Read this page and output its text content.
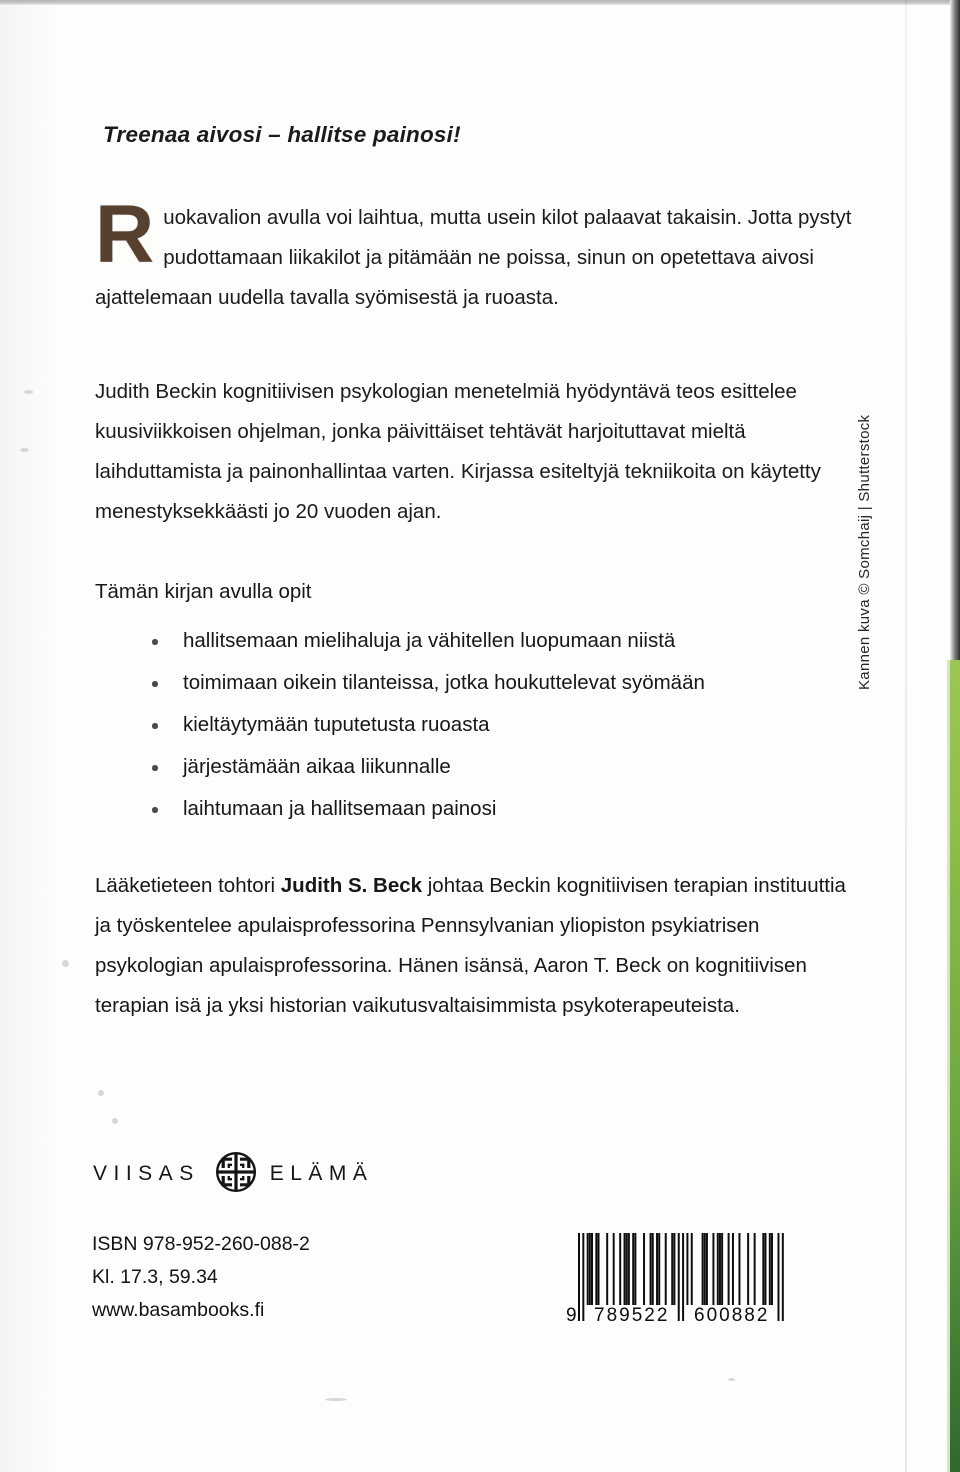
Treenaa aivosi – hallitse painosi!
R uokavalion avulla voi laihtua, mutta usein kilot palaavat takaisin. Jotta pystyt pudottamaan liikakilot ja pitämään ne poissa, sinun on opetettava aivosi ajattelemaan uudella tavalla syömisestä ja ruoasta.

Judith Beckin kognitiivisen psykologian menetelmiä hyödyntävä teos esittelee kuusiviikkoisen ohjelman, jonka päivittäiset tehtävät harjoituttavat mieltä laihduttamista ja painonhallintaa varten. Kirjassa esiteltyjä tekniikoita on käytetty menestyksekkäästi jo 20 vuoden ajan.

Tämän kirjan avulla opit
hallitsemaan mielihaluja ja vähitellen luopumaan niistä
toimimaan oikein tilanteissa, jotka houkuttelevat syömään
kieltäytymään tuputetusta ruoasta
järjestämään aikaa liikunnalle
laihtumaan ja hallitsemaan painosi

Lääketieteen tohtori Judith S. Beck johtaa Beckin kognitiivisen terapian instituuttia ja työskentelee apulaisprofessorina Pennsylvanian yliopiston psykiatrisen psykologian apulaisprofessorina. Hänen isänsä, Aaron T. Beck on kognitiivisen terapian isä ja yksi historian vaikutusvaltaisimmista psykoterapeuteista.

Kannen kuva © Somchaij | Shutterstock
VIISAS	ELÄMÄ
ISBN 978-952-260-088-2
Kl. 17.3, 59.34
www.basambooks.fi	9 789522 600882
